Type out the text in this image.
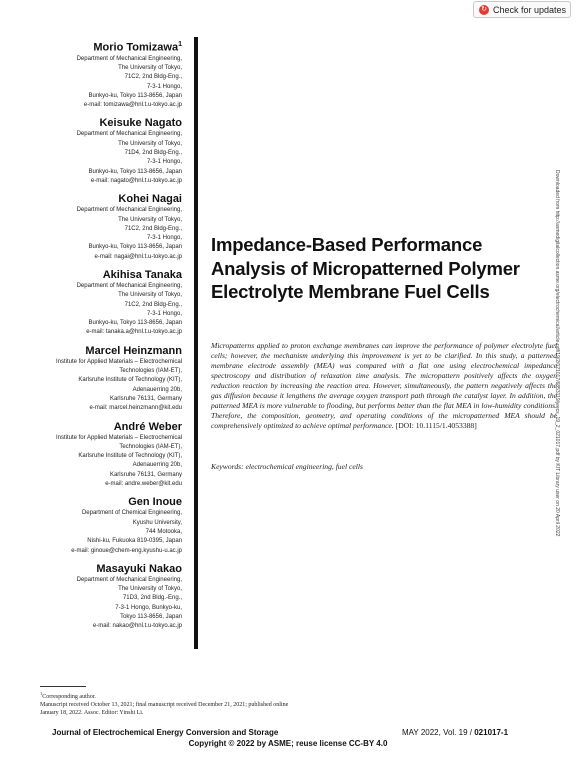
↻ Check for updates
Morio Tomizawa$^1$
Department of Mechanical Engineering,
The University of Tokyo,
71C2, 2nd Bldg-Eng.,
7-3-1 Hongo,
Bunkyo-ku, Tokyo 113-8656, Japan
e-mail: tomizawa@hnl.t.u-tokyo.ac.jp
Keisuke Nagato
Department of Mechanical Engineering,
The University of Tokyo,
71D4, 2nd Bldg-Eng.,
7-3-1 Hongo,
Bunkyo-ku, Tokyo 113-8656, Japan
e-mail: nagato@hnl.t.u-tokyo.ac.jp
Kohei Nagai
Department of Mechanical Engineering,
The University of Tokyo,
71C2, 2nd Bldg-Eng.,
7-3-1 Hongo,
Bunkyo-ku, Tokyo 113-8656, Japan
e-mail: nagai@hnl.t.u-tokyo.ac.jp
Akihisa Tanaka
Department of Mechanical Engineering,
The University of Tokyo,
71C2, 2nd Bldg-Eng.,
7-3-1 Hongo,
Bunkyo-ku, Tokyo 113-8656, Japan
e-mail: tanaka.a@hnl.t.u-tokyo.ac.jp
Marcel Heinzmann
Institute for Applied Materials – Electrochemical
Technologies (IAM-ET),
Karlsruhe Institute of Technology (KIT),
Adenauerring 20b,
Karlsruhe 76131, Germany
e-mail: marcel.heinzmann@kit.edu
André Weber
Institute for Applied Materials – Electrochemical
Technologies (IAM-ET),
Karlsruhe Institute of Technology (KIT),
Adenauerring 20b,
Karlsruhe 76131, Germany
e-mail: andre.weber@kit.edu
Gen Inoue
Department of Chemical Engineering,
Kyushu University,
744 Motooka,
Nishi-ku, Fukuoka 819-0395, Japan
e-mail: ginoue@chem-eng.kyushu-u.ac.jp
Masayuki Nakao
Department of Mechanical Engineering,
The University of Tokyo,
71D3, 2nd Bldg.-Eng.,
7-3-1 Hongo, Bunkyo-ku,
Tokyo 113-8656, Japan
e-mail: nakao@hnl.t.u-tokyo.ac.jp
Impedance-Based Performance Analysis of Micropatterned Polymer Electrolyte Membrane Fuel Cells
Micropatterns applied to proton exchange membranes can improve the performance of polymer electrolyte fuel cells; however, the mechanism underlying this improvement is yet to be clarified. In this study, a patterned membrane electrode assembly (MEA) was compared with a flat one using electrochemical impedance spectroscopy and distribution of relaxation time analysis. The micropattern positively affects the oxygen reduction reaction by increasing the reaction area. However, simultaneously, the pattern negatively affects the gas diffusion because it lengthens the average oxygen transport path through the catalyst layer. In addition, the patterned MEA is more vulnerable to flooding, but performs better than the flat MEA in low-humidity conditions. Therefore, the composition, geometry, and operating conditions of the micropatterned MEA should be comprehensively optimized to achieve optimal performance. [DOI: 10.1115/1.4053388]
Keywords: electrochemical engineering, fuel cells	Downloaded from http://asmedigitalcollection.asme.org/electrochemical/article-pdf/19/2/021017/6853119/jeecs_19_2_021017.pdf by KIT Library user on 20 April 2022
$^1$Corresponding author.
Manuscript received October 13, 2021; final manuscript received December 21, 2021; published online January 18, 2022. Assoc. Editor: Yinshi Li.
Journal of Electrochemical Energy Conversion and Storage	MAY 2022, Vol. 19 / 021017-1
Copyright © 2022 by ASME; reuse license CC-BY 4.0
